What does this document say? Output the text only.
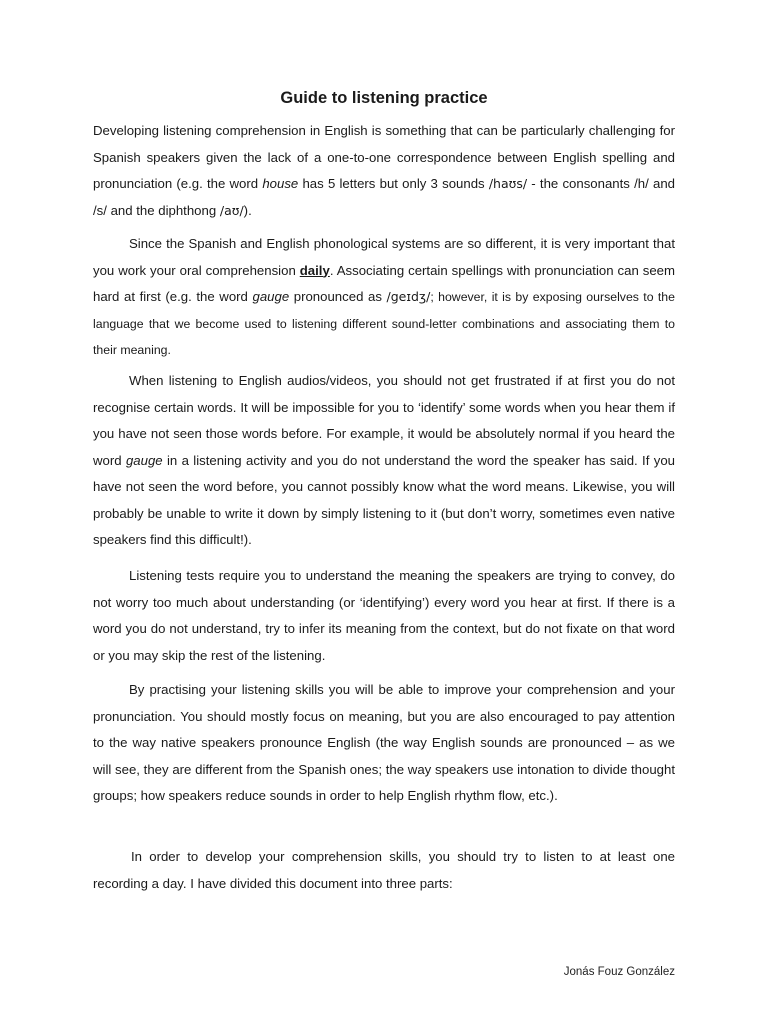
Guide to listening practice

Developing listening comprehension in English is something that can be particularly challenging for Spanish speakers given the lack of a one-to-one correspondence between English spelling and pronunciation (e.g. the word house has 5 letters but only 3 sounds /haʊs/ - the consonants /h/ and /s/ and the diphthong /aʊ/).

Since the Spanish and English phonological systems are so different, it is very important that you work your oral comprehension daily. Associating certain spellings with pronunciation can seem hard at first (e.g. the word gauge pronounced as /geɪdʒ/; however, it is by exposing ourselves to the language that we become used to listening different sound-letter combinations and associating them to their meaning.

When listening to English audios/videos, you should not get frustrated if at first you do not recognise certain words. It will be impossible for you to ‘identify’ some words when you hear them if you have not seen those words before. For example, it would be absolutely normal if you heard the word gauge in a listening activity and you do not understand the word the speaker has said. If you have not seen the word before, you cannot possibly know what the word means. Likewise, you will probably be unable to write it down by simply listening to it (but don’t worry, sometimes even native speakers find this difficult!).

Listening tests require you to understand the meaning the speakers are trying to convey, do not worry too much about understanding (or ‘identifying’) every word you hear at first. If there is a word you do not understand, try to infer its meaning from the context, but do not fixate on that word or you may skip the rest of the listening.

By practising your listening skills you will be able to improve your comprehension and your pronunciation. You should mostly focus on meaning, but you are also encouraged to pay attention to the way native speakers pronounce English (the way English sounds are pronounced – as we will see, they are different from the Spanish ones; the way speakers use intonation to divide thought groups; how speakers reduce sounds in order to help English rhythm flow, etc.).

In order to develop your comprehension skills, you should try to listen to at least one recording a day. I have divided this document into three parts:

Jonás Fouz González
